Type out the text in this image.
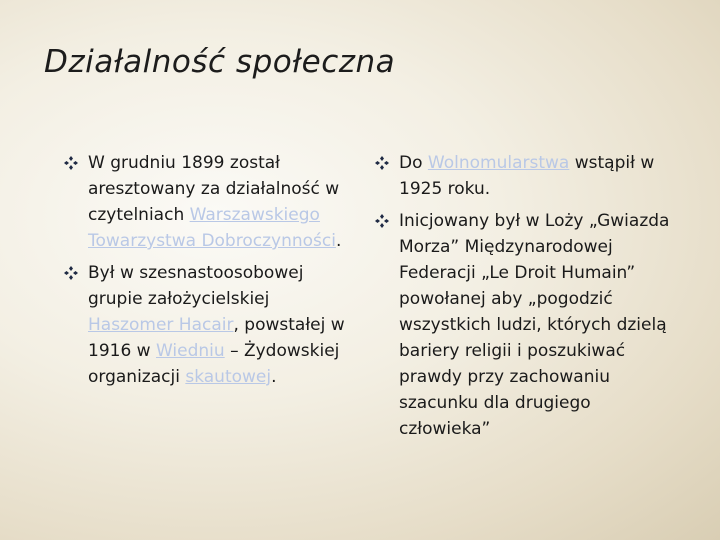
Działalność społeczna

W grudniu 1899 został aresztowany za działalność w czytelniach Warszawskiego Towarzystwa Dobroczynności.

Był w szesnastoosobowej grupie założycielskiej Haszomer Hacair, powstałej w 1916 w Wiedniu – Żydowskiej organizacji skautowej.

Do Wolnomularstwa wstąpił w 1925 roku.

Inicjowany był w Loży „Gwiazda Morza” Międzynarodowej Federacji „Le Droit Humain” powołanej aby „pogodzić wszystkich ludzi, których dzielą bariery religii i poszukiwać prawdy przy zachowaniu szacunku dla drugiego człowieka”
